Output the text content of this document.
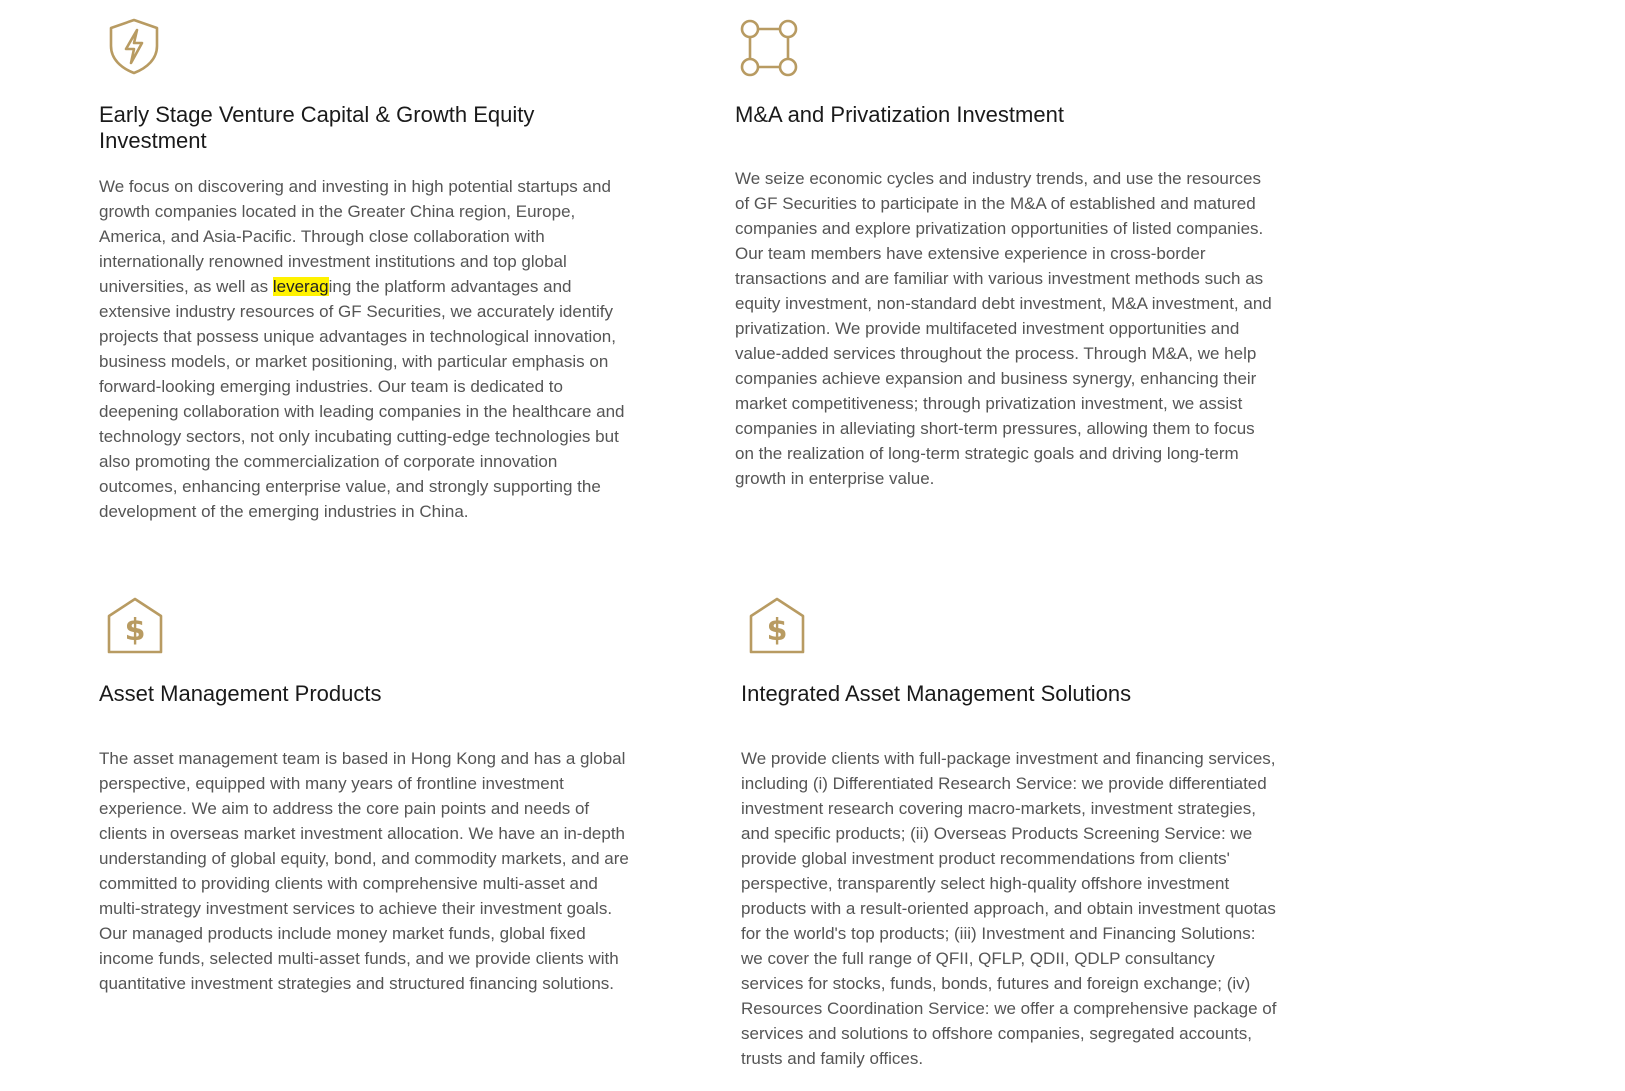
Early Stage Venture Capital & Growth Equity Investment

We focus on discovering and investing in high potential startups and growth companies located in the Greater China region, Europe, America, and Asia-Pacific. Through close collaboration with internationally renowned investment institutions and top global universities, as well as leveraging the platform advantages and extensive industry resources of GF Securities, we accurately identify projects that possess unique advantages in technological innovation, business models, or market positioning, with particular emphasis on forward-looking emerging industries. Our team is dedicated to deepening collaboration with leading companies in the healthcare and technology sectors, not only incubating cutting-edge technologies but also promoting the commercialization of corporate innovation outcomes, enhancing enterprise value, and strongly supporting the development of the emerging industries in China.

M&A and Privatization Investment

We seize economic cycles and industry trends, and use the resources of GF Securities to participate in the M&A of established and matured companies and explore privatization opportunities of listed companies. Our team members have extensive experience in cross-border transactions and are familiar with various investment methods such as equity investment, non-standard debt investment, M&A investment, and privatization. We provide multifaceted investment opportunities and value-added services throughout the process. Through M&A, we help companies achieve expansion and business synergy, enhancing their market competitiveness; through privatization investment, we assist companies in alleviating short-term pressures, allowing them to focus on the realization of long-term strategic goals and driving long-term growth in enterprise value.

$
Asset Management Products

The asset management team is based in Hong Kong and has a global perspective, equipped with many years of frontline investment experience. We aim to address the core pain points and needs of clients in overseas market investment allocation. We have an in-depth understanding of global equity, bond, and commodity markets, and are committed to providing clients with comprehensive multi-asset and multi-strategy investment services to achieve their investment goals. Our managed products include money market funds, global fixed income funds, selected multi-asset funds, and we provide clients with quantitative investment strategies and structured financing solutions.

$
Integrated Asset Management Solutions

We provide clients with full-package investment and financing services, including (i) Differentiated Research Service: we provide differentiated investment research covering macro-markets, investment strategies, and specific products; (ii) Overseas Products Screening Service: we provide global investment product recommendations from clients' perspective, transparently select high-quality offshore investment products with a result-oriented approach, and obtain investment quotas for the world's top products; (iii) Investment and Financing Solutions: we cover the full range of QFII, QFLP, QDII, QDLP consultancy services for stocks, funds, bonds, futures and foreign exchange; (iv) Resources Coordination Service: we offer a comprehensive package of services and solutions to offshore companies, segregated accounts, trusts and family offices.
